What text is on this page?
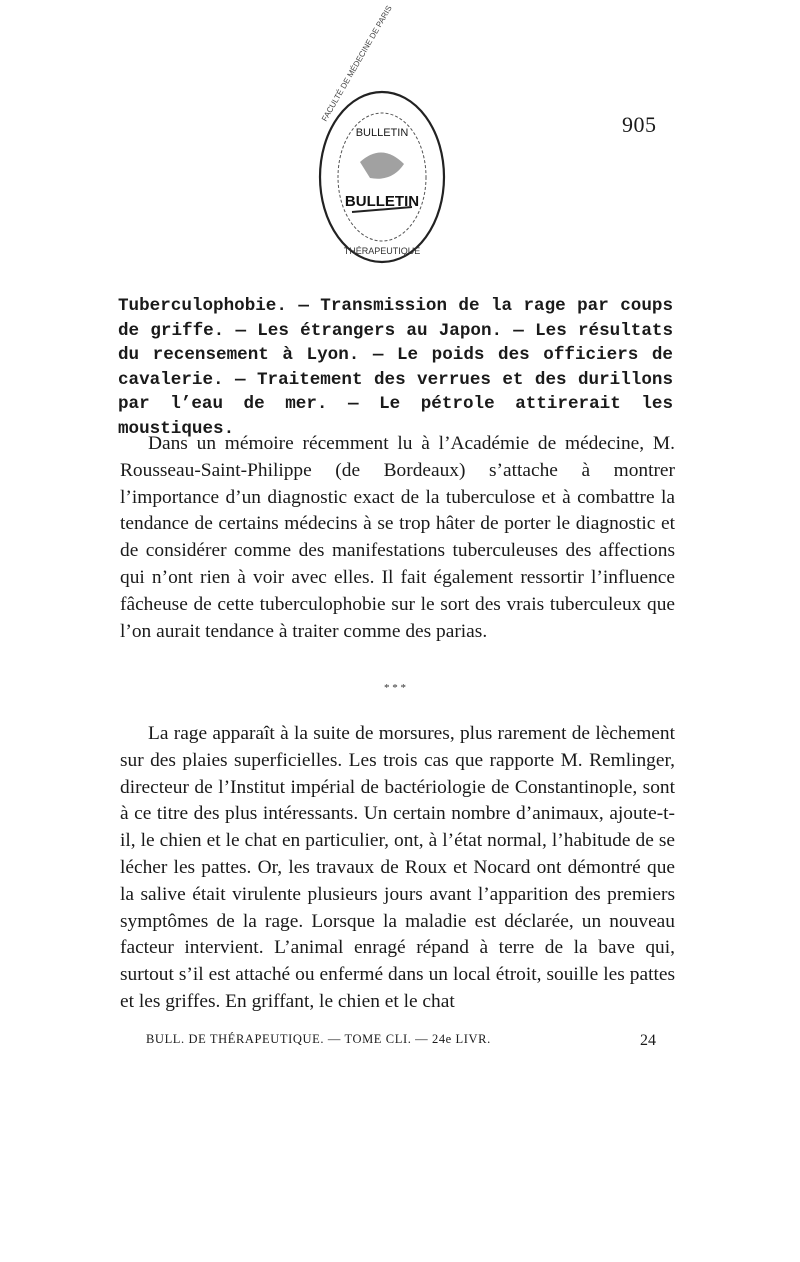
905
BULLETIN
BULLETIN
THÉRAPEUTIQUE
FACULTÉ DE MÉDECINE DE PARIS
Tuberculophobie. — Transmission de la rage par coups de griffe. — Les étrangers au Japon. — Les résultats du recensement à Lyon. — Le poids des officiers de cavalerie. — Traitement des verrues et des durillons par l’eau de mer. — Le pétrole attirerait les moustiques.

Dans un mémoire récemment lu à l’Académie de médecine, M. Rousseau-Saint-Philippe (de Bordeaux) s’attache à montrer l’importance d’un diagnostic exact de la tuberculose et à combattre la tendance de certains médecins à se trop hâter de porter le diagnostic et de considérer comme des manifestations tuberculeuses des affections qui n’ont rien à voir avec elles. Il fait également ressortir l’influence fâcheuse de cette tuberculophobie sur le sort des vrais tuberculeux que l’on aurait tendance à traiter comme des parias.

* * *

La rage apparaît à la suite de morsures, plus rarement de lèchement sur des plaies superficielles. Les trois cas que rapporte M. Remlinger, directeur de l’Institut impérial de bactériologie de Constantinople, sont à ce titre des plus intéressants. Un certain nombre d’animaux, ajoute-t-il, le chien et le chat en particulier, ont, à l’état normal, l’habitude de se lécher les pattes. Or, les travaux de Roux et Nocard ont démontré que la salive était virulente plusieurs jours avant l’apparition des premiers symptômes de la rage. Lorsque la maladie est déclarée, un nouveau facteur intervient. L’animal enragé répand à terre de la bave qui, surtout s’il est attaché ou enfermé dans un local étroit, souille les pattes et les griffes. En griffant, le chien et le chat

BULL. DE THÉRAPEUTIQUE. — TOME CLI. — 24e LIVR.	24
